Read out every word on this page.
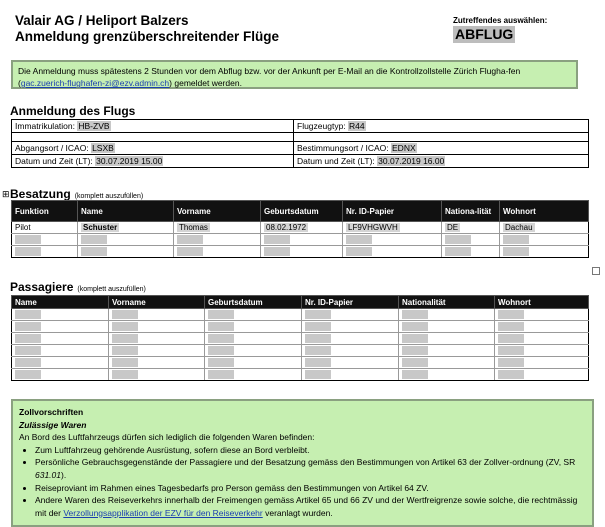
Valair AG / Heliport Balzers
Anmeldung grenzüberschreitender Flüge
Zutreffendes auswählen:
ABFLUG
Die Anmeldung muss spätestens 2 Stunden vor dem Abflug bzw. vor der Ankunft per E-Mail an die Kontrollzollstelle Zürich Flugha-fen (gac.zuerich-flughafen-zi@ezv.admin.ch) gemeldet werden.
Anmeldung des Flugs
Immatrikulation: HB-ZVB	Flugzeugtyp: R44

Abgangsort / ICAO: LSXB	Bestimmungsort / ICAO: EDNX
Datum und Zeit (LT): 30.07.2019 15.00	Datum und Zeit (LT): 30.07.2019 16.00
⊞ Besatzung (komplett auszufüllen)
Funktion	Name	Vorname	Geburtsdatum	Nr. ID-Papier	Nationa-lität	Wohnort
Pilot	Schuster	Thomas	08.02.1972	LF9VHGWVH	DE	Dachau

Passagiere (komplett auszufüllen)
Name	Vorname	Geburtsdatum	Nr. ID-Papier	Nationalität	Wohnort

Zollvorschriften
Zulässige Waren
An Bord des Luftfahrzeugs dürfen sich lediglich die folgenden Waren befinden:
• Zum Luftfahrzeug gehörende Ausrüstung, sofern diese an Bord verbleibt.
• Persönliche Gebrauchsgegenstände der Passagiere und der Besatzung gemäss den Bestimmungen von Artikel 63 der Zollver-ordnung (ZV, SR 631.01).
• Reiseproviant im Rahmen eines Tagesbedarfs pro Person gemäss den Bestimmungen von Artikel 64 ZV.
• Andere Waren des Reiseverkehrs innerhalb der Freimengen gemäss Artikel 65 und 66 ZV und der Wertfreigrenze sowie solche, die rechtmässig mit der Verzollungsapplikation der EZV für den Reiseverkehr veranlagt wurden.
